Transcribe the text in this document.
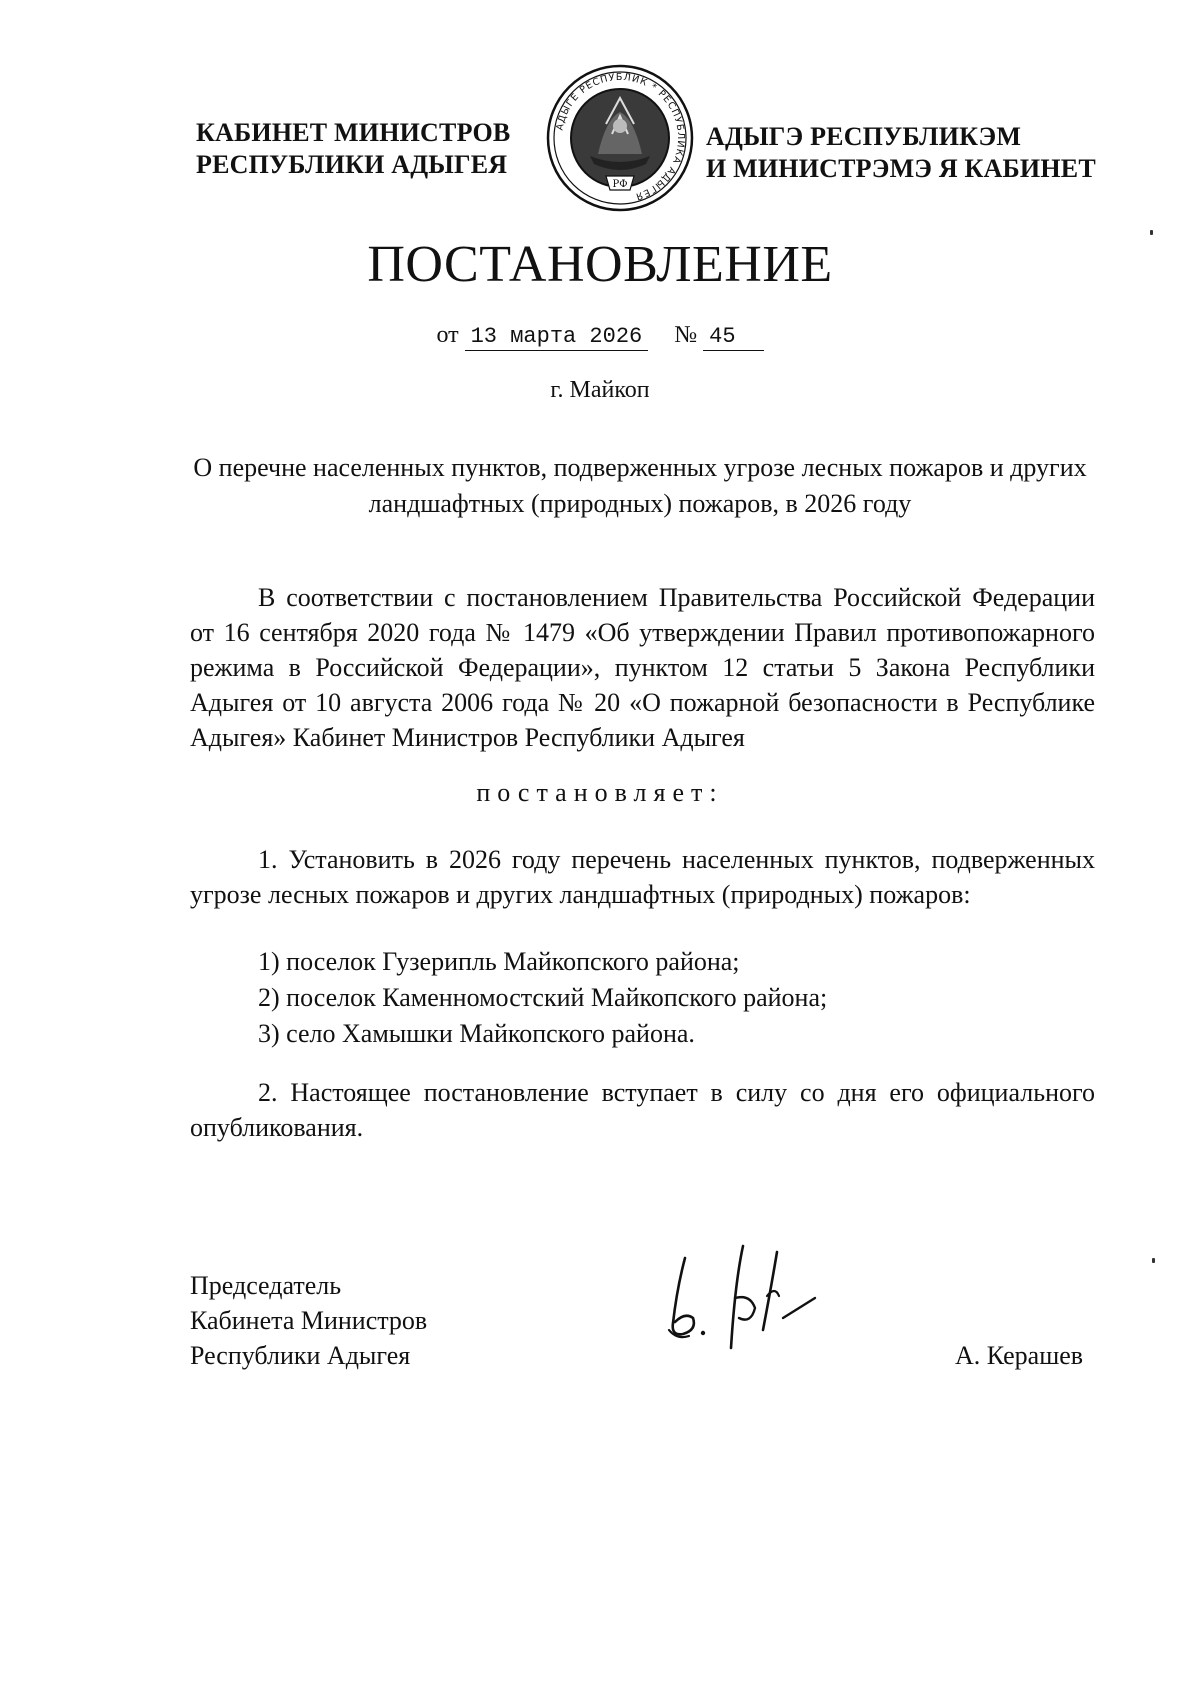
КАБИНЕТ МИНИСТРОВ
РЕСПУБЛИКИ АДЫГЕЯ
АДЫГЕ РЕСПУБЛИК * РЕСПУБЛИКА АДЫГЕЯ
РФ
АДЫГЭ РЕСПУБЛИКЭМ
И МИНИСТРЭМЭ Я КАБИНЕТ
ПОСТАНОВЛЕНИЕ
от 13 марта 2026 № 45
г. Майкоп
О перечне населенных пунктов, подверженных угрозе лесных пожаров и других ландшафтных (природных) пожаров, в 2026 году
В соответствии с постановлением Правительства Российской Федерации от 16 сентября 2020 года № 1479 «Об утверждении Правил противопожарного режима в Российской Федерации», пунктом 12 статьи 5 Закона Республики Адыгея от 10 августа 2006 года № 20 «О пожарной безопасности в Республике Адыгея» Кабинет Министров Республики Адыгея
постановляет:
1. Установить в 2026 году перечень населенных пунктов, подверженных угрозе лесных пожаров и других ландшафтных (природных) пожаров:
1) поселок Гузерипль Майкопского района;
2) поселок Каменномостский Майкопского района;
3) село Хамышки Майкопского района.
2. Настоящее постановление вступает в силу со дня его официального опубликования.
Председатель
Кабинета Министров
Республики Адыгея	А. Керашев
